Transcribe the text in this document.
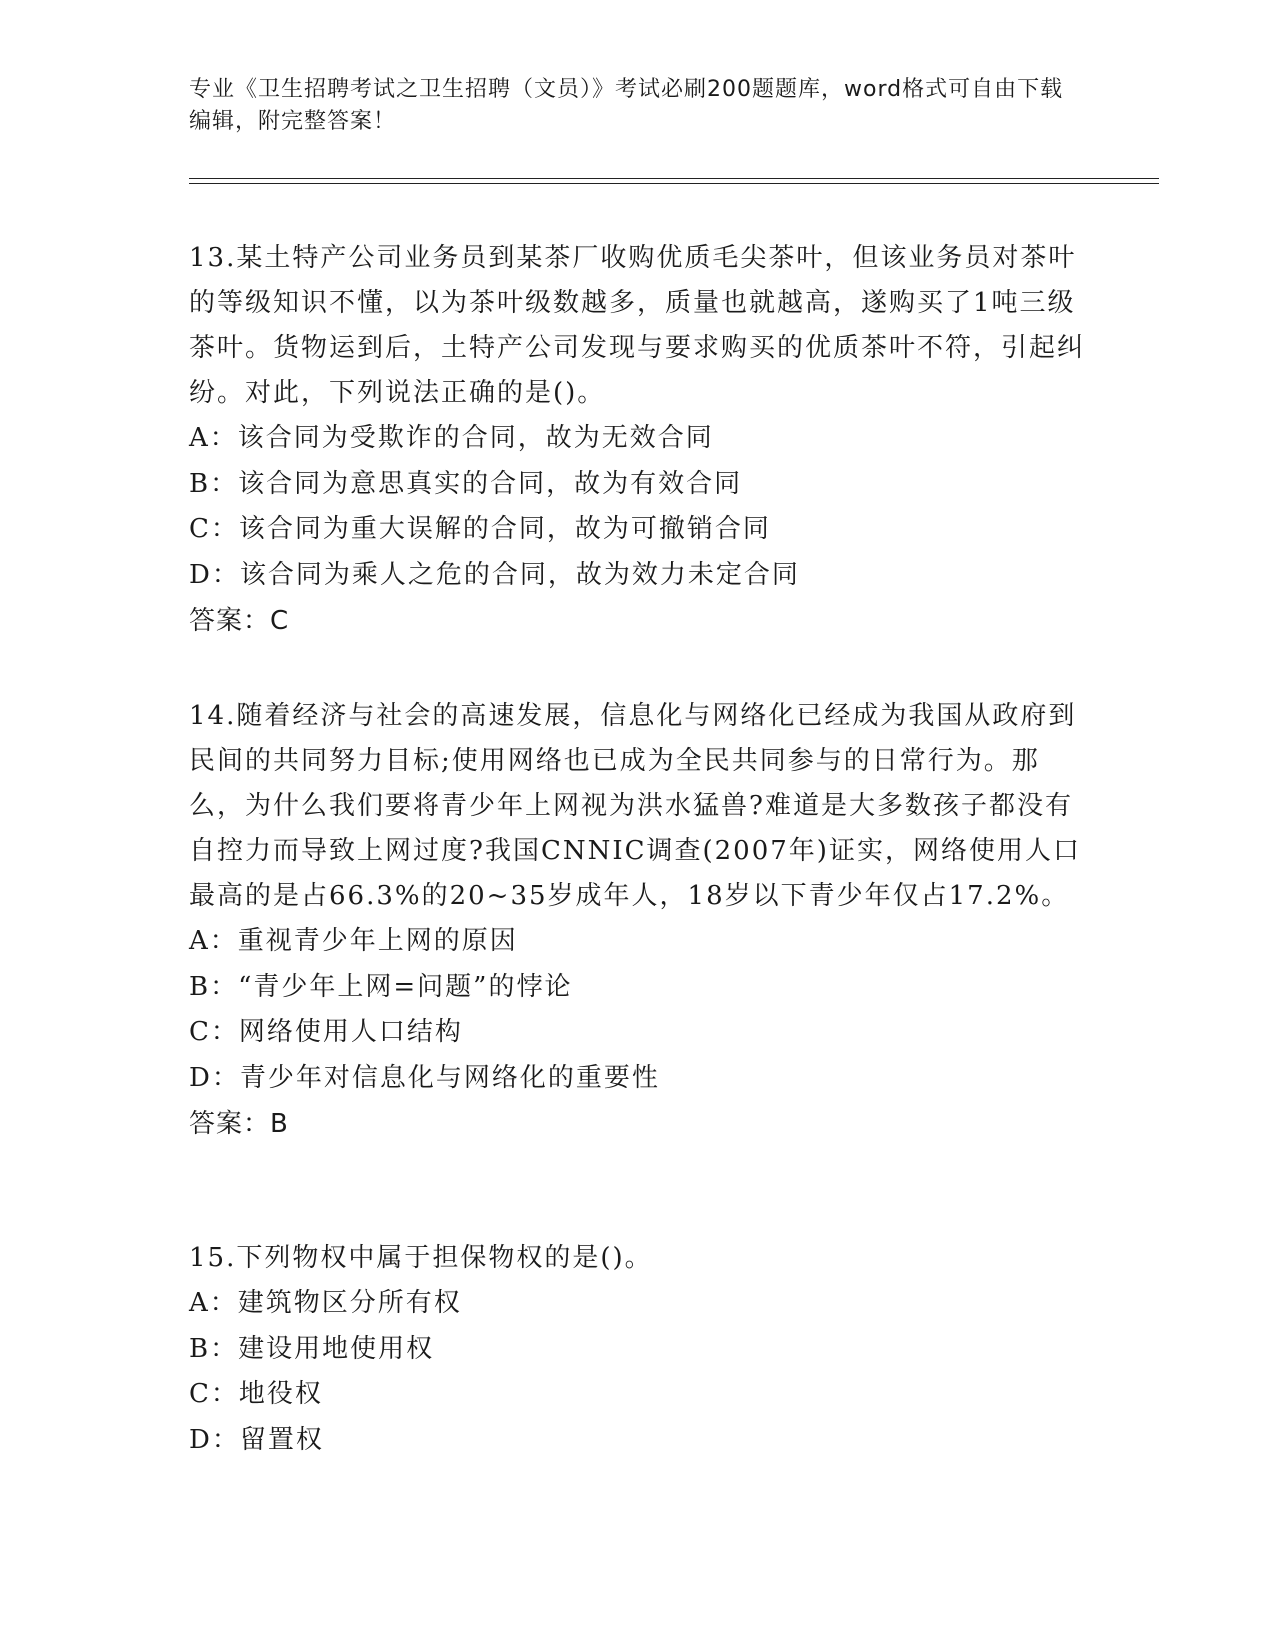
专业《卫生招聘考试之卫生招聘（文员）》考试必刷200题题库，word格式可自由下载编辑，附完整答案！

13.某土特产公司业务员到某茶厂收购优质毛尖茶叶，但该业务员对茶叶的等级知识不懂，以为茶叶级数越多，质量也就越高，遂购买了1吨三级茶叶。货物运到后，土特产公司发现与要求购买的优质茶叶不符，引起纠纷。对此，下列说法正确的是()。

A：该合同为受欺诈的合同，故为无效合同

B：该合同为意思真实的合同，故为有效合同

C：该合同为重大误解的合同，故为可撤销合同

D：该合同为乘人之危的合同，故为效力未定合同

答案：C

14.随着经济与社会的高速发展，信息化与网络化已经成为我国从政府到民间的共同努力目标;使用网络也已成为全民共同参与的日常行为。那么，为什么我们要将青少年上网视为洪水猛兽?难道是大多数孩子都没有自控力而导致上网过度?我国CNNIC调查(2007年)证实，网络使用人口最高的是占66.3%的20~35岁成年人，18岁以下青少年仅占17.2%。

A：重视青少年上网的原因

B：“青少年上网=问题”的悖论

C：网络使用人口结构

D：青少年对信息化与网络化的重要性

答案：B

15.下列物权中属于担保物权的是()。

A：建筑物区分所有权

B：建设用地使用权

C：地役权

D：留置权
